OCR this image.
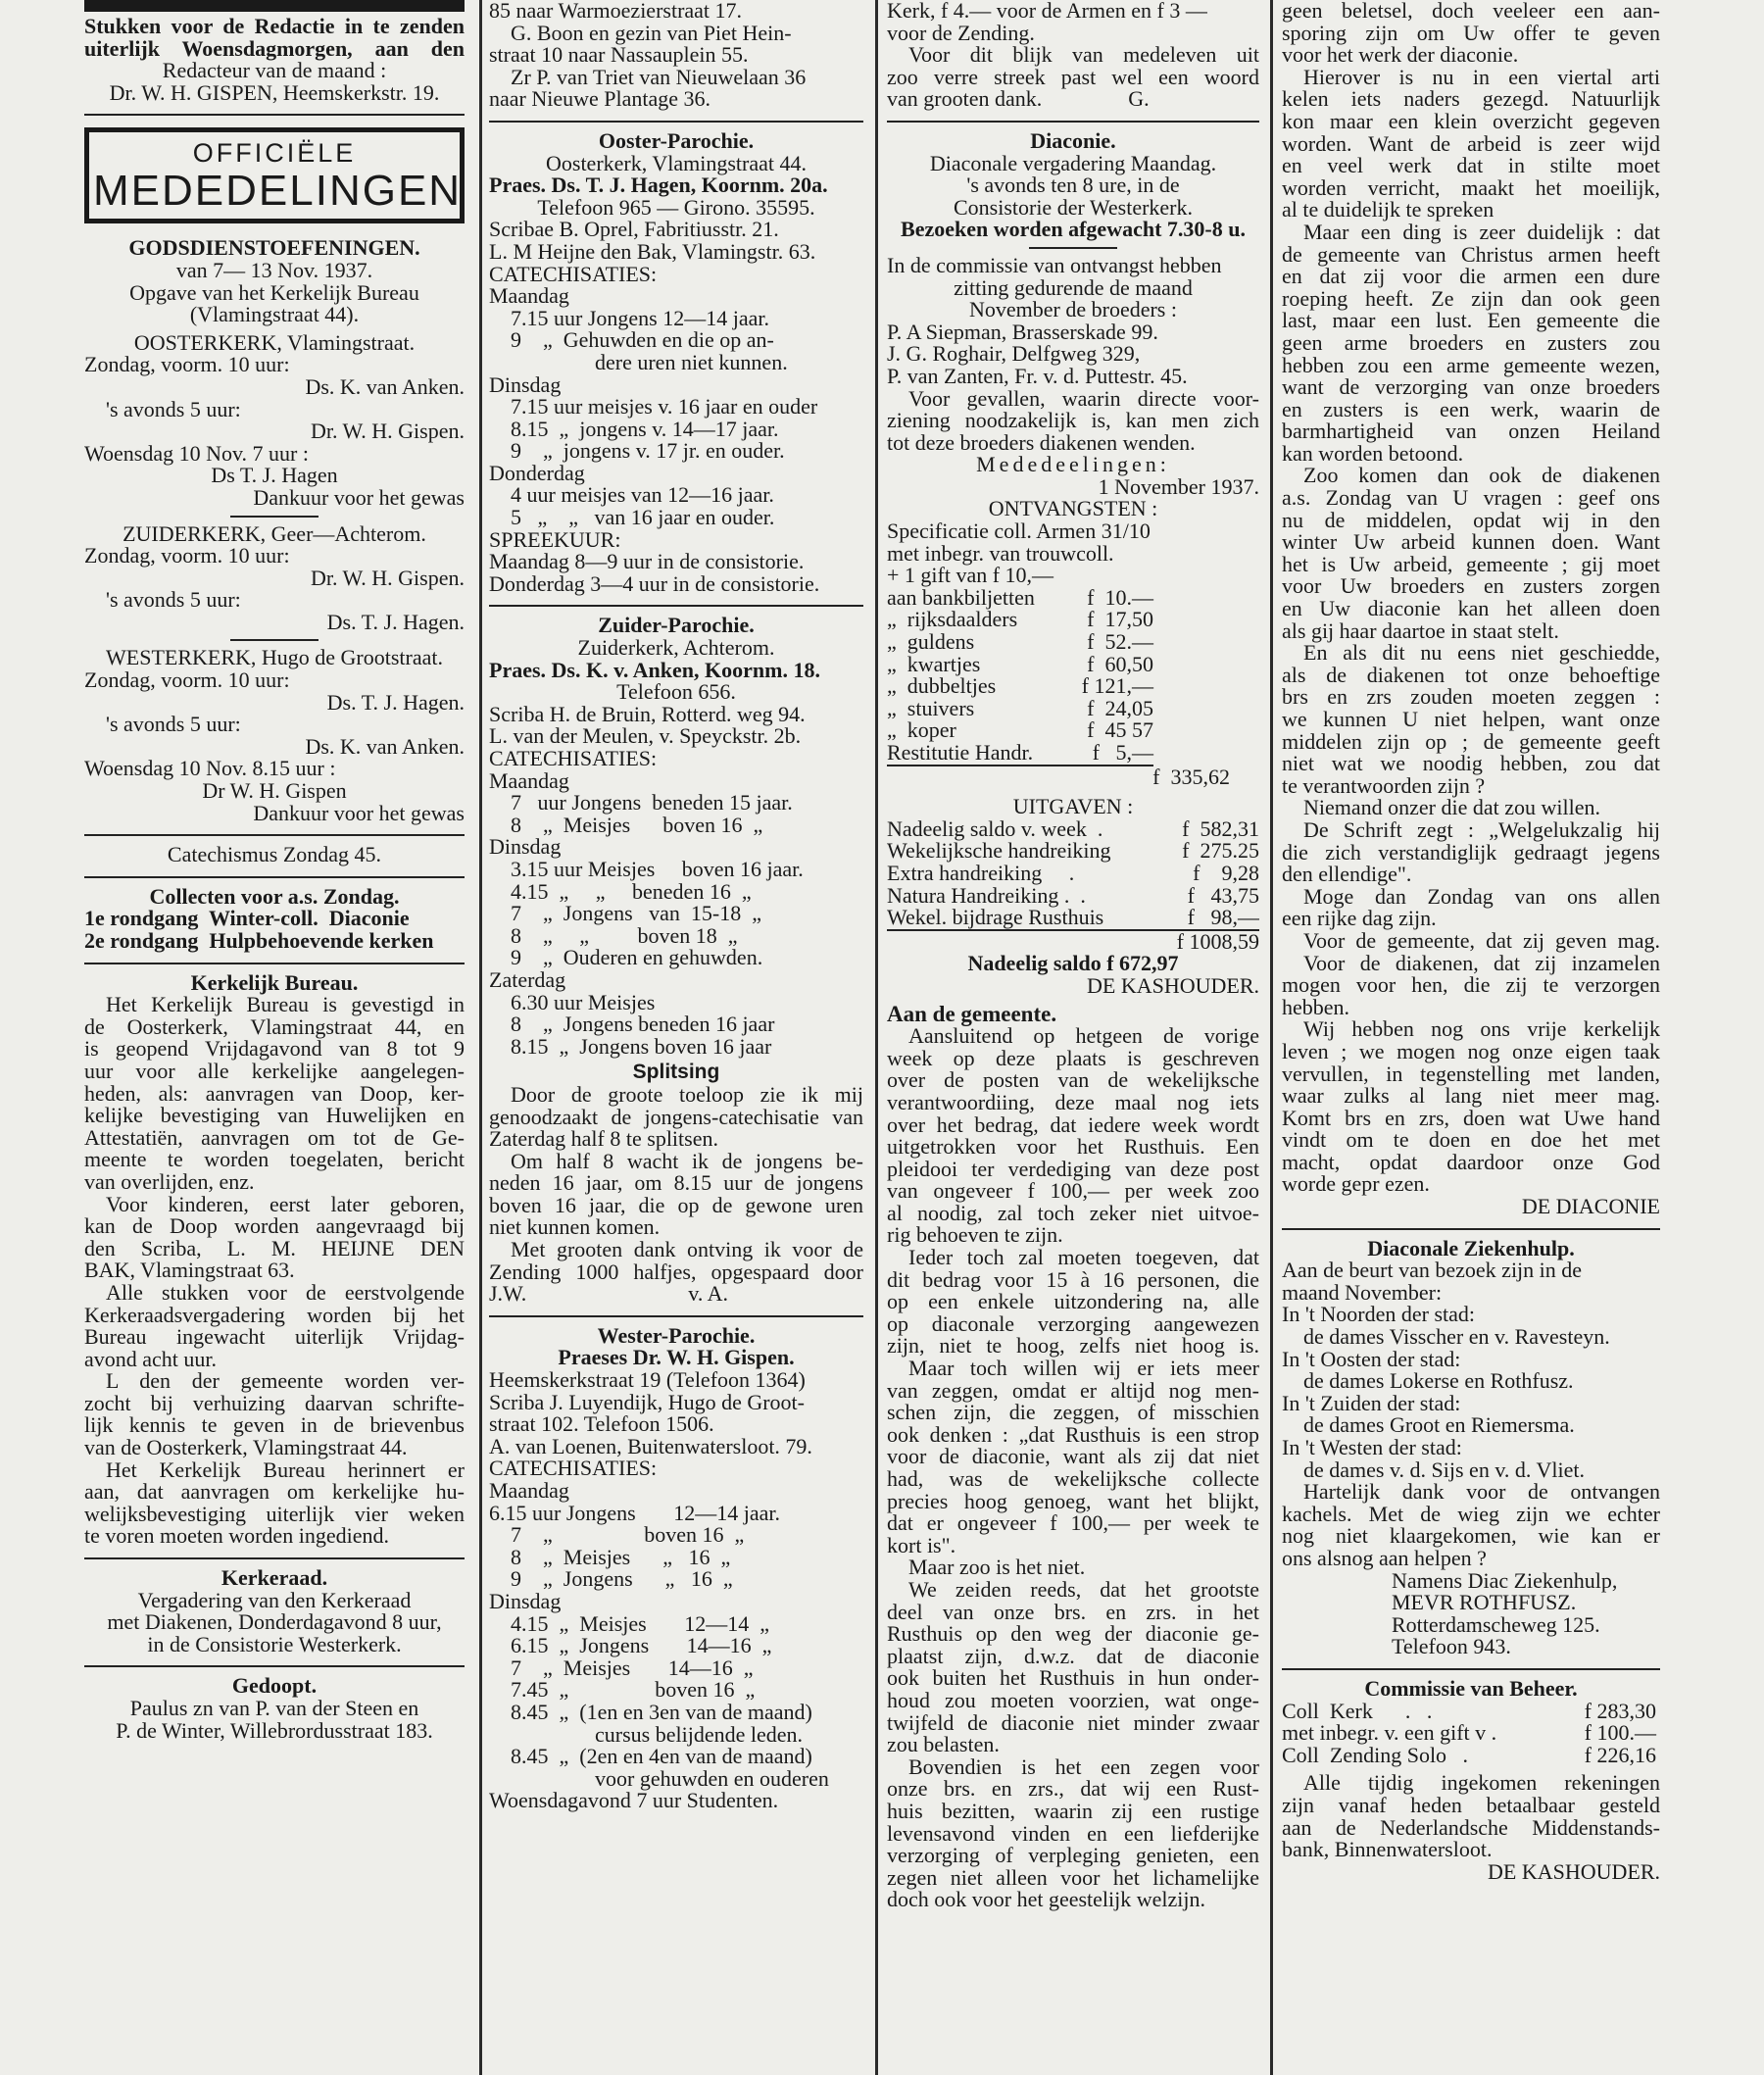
Stukken voor de Redactie in te zenden
uiterlijk Woensdagmorgen, aan den
Redacteur van de maand :
Dr. W. H. GISPEN, Heemskerkstr. 19.
OFFICIËLE
MEDEDELINGEN
GODSDIENSTOEFENINGEN.
van 7— 13 Nov. 1937.
Opgave van het Kerkelijk Bureau
(Vlamingstraat 44).
OOSTERKERK, Vlamingstraat.
Zondag, voorm. 10 uur:
Ds. K. van Anken.
's avonds 5 uur:
Dr. W. H. Gispen.
Woensdag 10 Nov. 7 uur :
Ds T. J. Hagen
Dankuur voor het gewas
ZUIDERKERK, Geer—Achterom.
Zondag, voorm. 10 uur:
Dr. W. H. Gispen.
's avonds 5 uur:
Ds. T. J. Hagen.
WESTERKERK, Hugo de Grootstraat.
Zondag, voorm. 10 uur:
Ds. T. J. Hagen.
's avonds 5 uur:
Ds. K. van Anken.
Woensdag 10 Nov. 8.15 uur :
Dr W. H. Gispen
Dankuur voor het gewas
Catechismus Zondag 45.
Collecten voor a.s. Zondag.
1e rondgang  Winter-coll.  Diaconie
2e rondgang  Hulpbehoevende kerken
Kerkelijk Bureau.
Het Kerkelijk Bureau is gevestigd in
de Oosterkerk, Vlamingstraat 44, en
is geopend Vrijdagavond van 8 tot 9
uur voor alle kerkelijke aangelegen-
heden, als: aanvragen van Doop, ker-
kelijke bevestiging van Huwelijken en
Attestatiën, aanvragen om tot de Ge-
meente te worden toegelaten, bericht
van overlijden, enz.
Voor kinderen, eerst later geboren,
kan de Doop worden aangevraagd bij
den Scriba, L. M. HEIJNE DEN
BAK, Vlamingstraat 63.
Alle stukken voor de eerstvolgende
Kerkeraadsvergadering worden bij het
Bureau ingewacht uiterlijk Vrijdag-
avond acht uur.
L den der gemeente worden ver-
zocht bij verhuizing daarvan schrifte-
lijk kennis te geven in de brievenbus
van de Oosterkerk, Vlamingstraat 44.
Het Kerkelijk Bureau herinnert er
aan, dat aanvragen om kerkelijke hu-
welijksbevestiging uiterlijk vier weken
te voren moeten worden ingediend.
Kerkeraad.
Vergadering van den Kerkeraad
met Diakenen, Donderdagavond 8 uur,
in de Consistorie Westerkerk.
Gedoopt.
Paulus zn van P. van der Steen en
P. de Winter, Willebrordusstraat 183.
85 naar Warmoezierstraat 17.
G. Boon en gezin van Piet Hein-
straat 10 naar Nassauplein 55.
Zr P. van Triet van Nieuwelaan 36
naar Nieuwe Plantage 36.
Ooster-Parochie.
Oosterkerk, Vlamingstraat 44.
Praes. Ds. T. J. Hagen, Koornm. 20a.
Telefoon 965 — Girono. 35595.
Scribae B. Oprel, Fabritiusstr. 21.
L. M Heijne den Bak, Vlamingstr. 63.
CATECHISATIES:
Maandag
7.15 uur Jongens 12—14 jaar.
9    „  Gehuwden en die op an-
dere uren niet kunnen.
Dinsdag
7.15 uur meisjes v. 16 jaar en ouder
8.15  „  jongens v. 14—17 jaar.
9    „  jongens v. 17 jr. en ouder.
Donderdag
4 uur meisjes van 12—16 jaar.
5   „    „   van 16 jaar en ouder.
SPREEKUUR:
Maandag 8—9 uur in de consistorie.
Donderdag 3—4 uur in de consistorie.
Zuider-Parochie.
Zuiderkerk, Achterom.
Praes. Ds. K. v. Anken, Koornm. 18.
Telefoon 656.
Scriba H. de Bruin, Rotterd. weg 94.
L. van der Meulen, v. Speyckstr. 2b.
CATECHISATIES:
Maandag
7   uur Jongens  beneden 15 jaar.
8    „  Meisjes      boven 16  „
Dinsdag
3.15 uur Meisjes     boven 16 jaar.
4.15  „     „     beneden 16  „
7    „  Jongens   van  15-18  „
8    „     „         boven 18  „
9    „  Ouderen en gehuwden.
Zaterdag
6.30 uur Meisjes
8    „  Jongens beneden 16 jaar
8.15  „  Jongens boven 16 jaar
Splitsing
Door de groote toeloop zie ik mij
genoodzaakt de jongens-catechisatie van
Zaterdag half 8 te splitsen.
Om half 8 wacht ik de jongens be-
neden 16 jaar, om 8.15 uur de jongens
boven 16 jaar, die op de gewone uren
niet kunnen komen.
Met grooten dank ontving ik voor de
Zending 1000 halfjes, opgespaard door
J.W.                              v. A.
Wester-Parochie.
Praeses Dr. W. H. Gispen.
Heemskerkstraat 19 (Telefoon 1364)
Scriba J. Luyendijk, Hugo de Groot-
straat 102. Telefoon 1506.
A. van Loenen, Buitenwatersloot. 79.
CATECHISATIES:
Maandag
6.15 uur Jongens       12—14 jaar.
7    „                 boven 16  „
8    „  Meisjes      „   16  „
9    „  Jongens      „   16  „
Dinsdag
4.15  „  Meisjes       12—14  „
6.15  „  Jongens       14—16  „
7    „  Meisjes       14—16  „
7.45  „                boven 16  „
8.45  „  (1en en 3en van de maand)
cursus belijdende leden.
8.45  „  (2en en 4en van de maand)
voor gehuwden en ouderen
Woensdagavond 7 uur Studenten.
Kerk, f 4.— voor de Armen en f 3 —
voor de Zending.
Voor dit blijk van medeleven uit
zoo verre streek past wel een woord
van grooten dank.                G.
Diaconie.
Diaconale vergadering Maandag.
's avonds ten 8 ure, in de
Consistorie der Westerkerk.
Bezoeken worden afgewacht 7.30-8 u.
In de commissie van ontvangst hebben
zitting gedurende de maand
November de broeders :
P. A Siepman, Brasserskade 99.
J. G. Roghair, Delfgweg 329,
P. van Zanten, Fr. v. d. Puttestr. 45.
Voor gevallen, waarin directe voor-
ziening noodzakelijk is, kan men zich
tot deze broeders diakenen wenden.
Mededeelingen:
1 November 1937.
ONTVANGSTEN :
Specificatie coll. Armen 31/10
met inbegr. van trouwcoll.
+ 1 gift van f 10,—
aan bankbiljetten f  10.—
„  rijksdaalders	f  17,50
„  guldens	f  52.—
„  kwartjes	f  60,50
„  dubbeltjes	f 121,—
„  stuivers	f  24,05
„  koper	f  45 57
Restitutie Handr.	f   5,—
f  335,62
UITGAVEN :
Nadeelig saldo v. week  .	f  582,31
Wekelijksche handreiking	f  275.25
Extra handreiking     .	f    9,28
Natura Handreiking .  .	f   43,75
Wekel. bijdrage Rusthuis	f   98,—
f 1008,59
Nadeelig saldo f 672,97
DE KASHOUDER.
Aan de gemeente.
Aansluitend op hetgeen de vorige
week op deze plaats is geschreven
over de posten van de wekelijksche
verantwoordiing, deze maal nog iets
over het bedrag, dat iedere week wordt
uitgetrokken voor het Rusthuis. Een
pleidooi ter verdediging van deze post
van ongeveer f 100,— per week zoo
al noodig, zal toch zeker niet uitvoe-
rig behoeven te zijn.
Ieder toch zal moeten toegeven, dat
dit bedrag voor 15 à 16 personen, die
op een enkele uitzondering na, alle
op diaconale verzorging aangewezen
zijn, niet te hoog, zelfs niet hoog is.
Maar toch willen wij er iets meer
van zeggen, omdat er altijd nog men-
schen zijn, die zeggen, of misschien
ook denken : „dat Rusthuis is een strop
voor de diaconie, want als zij dat niet
had, was de wekelijksche collecte
precies hoog genoeg, want het blijkt,
dat er ongeveer f 100,— per week te
kort is".
Maar zoo is het niet.
We zeiden reeds, dat het grootste
deel van onze brs. en zrs. in het
Rusthuis op den weg der diaconie ge-
plaatst zijn, d.w.z. dat de diaconie
ook buiten het Rusthuis in hun onder-
houd zou moeten voorzien, wat onge-
twijfeld de diaconie niet minder zwaar
zou belasten.
Bovendien is het een zegen voor
onze brs. en zrs., dat wij een Rust-
huis bezitten, waarin zij een rustige
levensavond vinden en een liefderijke
verzorging of verpleging genieten, een
zegen niet alleen voor het lichamelijke
doch ook voor het geestelijk welzijn.
geen beletsel, doch veeleer een aan-
sporing zijn om Uw offer te geven
voor het werk der diaconie.
Hierover is nu in een viertal arti
kelen iets naders gezegd. Natuurlijk
kon maar een klein overzicht gegeven
worden. Want de arbeid is zeer wijd
en veel werk dat in stilte moet
worden verricht, maakt het moeilijk,
al te duidelijk te spreken
Maar een ding is zeer duidelijk : dat
de gemeente van Christus armen heeft
en dat zij voor die armen een dure
roeping heeft. Ze zijn dan ook geen
last, maar een lust. Een gemeente die
geen arme broeders en zusters zou
hebben zou een arme gemeente wezen,
want de verzorging van onze broeders
en zusters is een werk, waarin de
barmhartigheid van onzen Heiland
kan worden betoond.
Zoo komen dan ook de diakenen
a.s. Zondag van U vragen : geef ons
nu de middelen, opdat wij in den
winter Uw arbeid kunnen doen. Want
het is Uw arbeid, gemeente ; gij moet
voor Uw broeders en zusters zorgen
en Uw diaconie kan het alleen doen
als gij haar daartoe in staat stelt.
En als dit nu eens niet geschiedde,
als de diakenen tot onze behoeftige
brs en zrs zouden moeten zeggen :
we kunnen U niet helpen, want onze
middelen zijn op ; de gemeente geeft
niet wat we noodig hebben, zou dat
te verantwoorden zijn ?
Niemand onzer die dat zou willen.
De Schrift zegt : „Welgelukzalig hij
die zich verstandiglijk gedraagt jegens
den ellendige".
Moge dan Zondag van ons allen
een rijke dag zijn.
Voor de gemeente, dat zij geven mag.
Voor de diakenen, dat zij inzamelen
mogen voor hen, die zij te verzorgen
hebben.
Wij hebben nog ons vrije kerkelijk
leven ; we mogen nog onze eigen taak
vervullen, in tegenstelling met landen,
waar zulks al lang niet meer mag.
Komt brs en zrs, doen wat Uwe hand
vindt om te doen en doe het met
macht, opdat daardoor onze God
worde gepr ezen.
DE DIACONIE
Diaconale Ziekenhulp.
Aan de beurt van bezoek zijn in de
maand November:
In 't Noorden der stad:
de dames Visscher en v. Ravesteyn.
In 't Oosten der stad:
de dames Lokerse en Rothfusz.
In 't Zuiden der stad:
de dames Groot en Riemersma.
In 't Westen der stad:
de dames v. d. Sijs en v. d. Vliet.
Hartelijk dank voor de ontvangen
kachels. Met de wieg zijn we echter
nog niet klaargekomen, wie kan er
ons alsnog aan helpen ?
Namens Diac Ziekenhulp,
MEVR ROTHFUSZ.
Rotterdamscheweg 125.
Telefoon 943.
Commissie van Beheer.
Coll  Kerk      .   .	f 283,30
met inbegr. v. een gift v .	f 100.—
Coll  Zending Solo   .	f 226,16
Alle tijdig ingekomen rekeningen
zijn vanaf heden betaalbaar gesteld
aan de Nederlandsche Middenstands-
bank, Binnenwatersloot.
DE KASHOUDER.
